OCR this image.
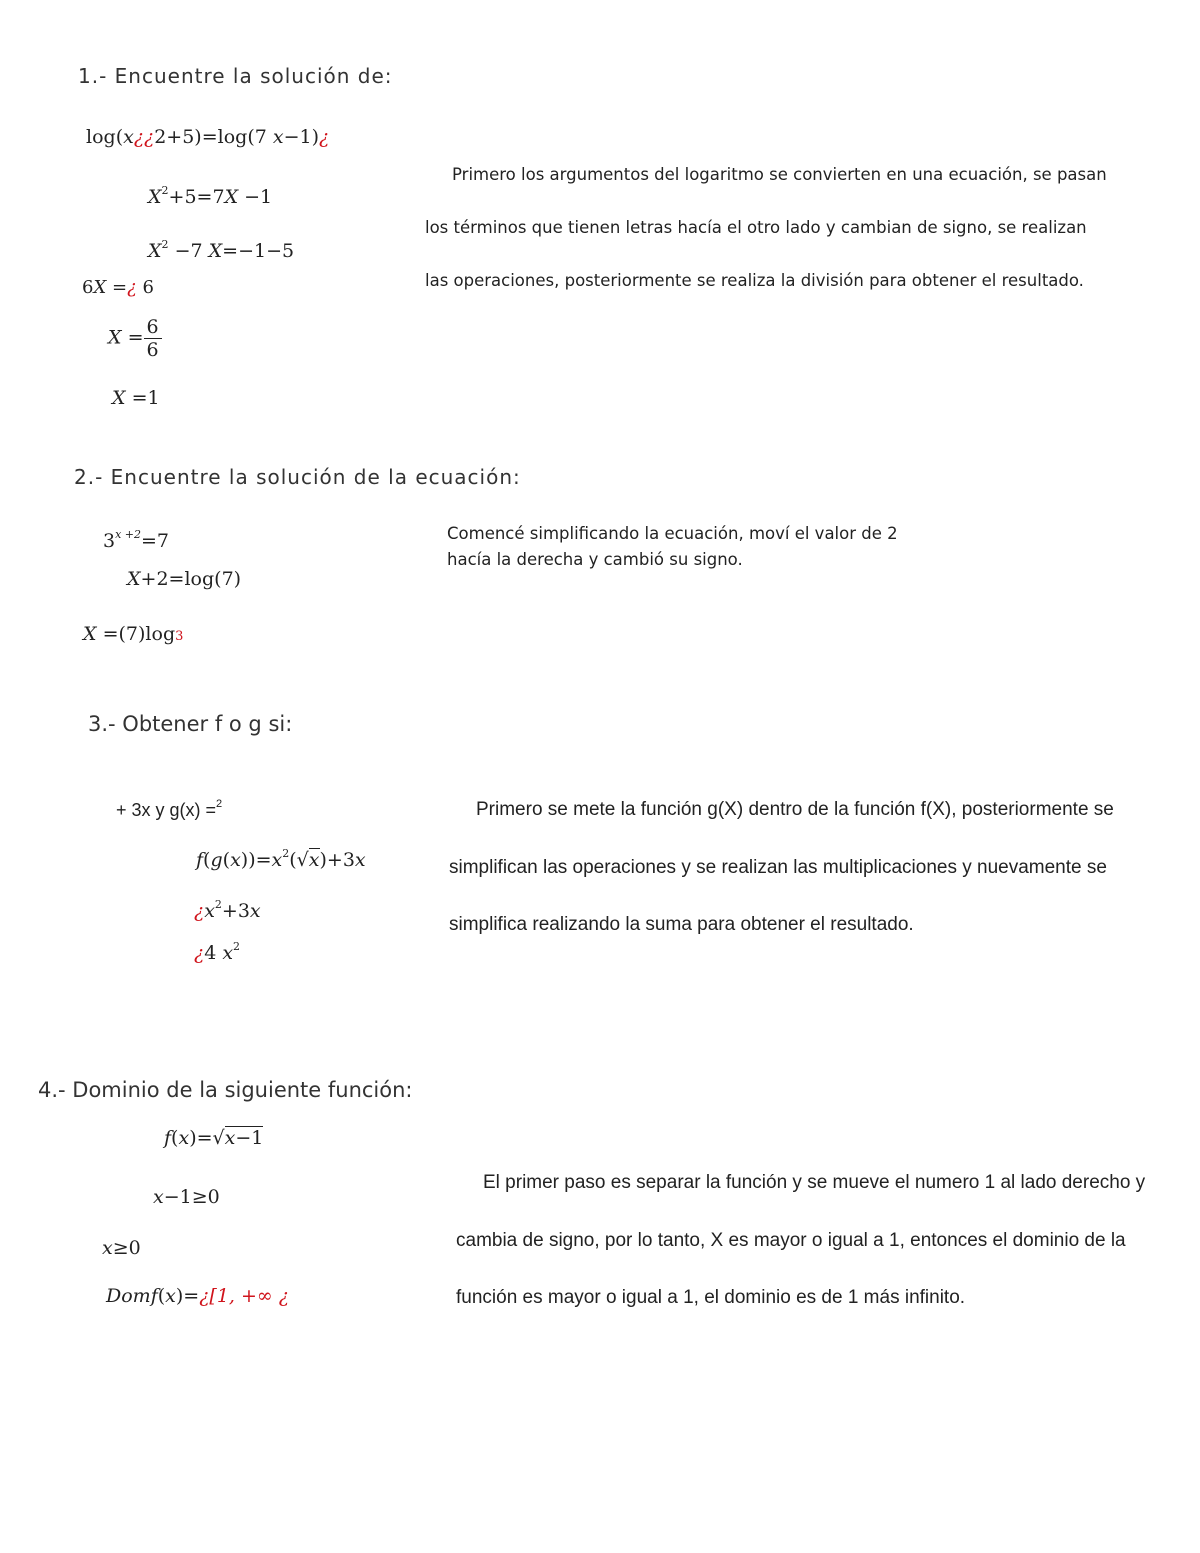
1.- Encuentre la solución de:
log(x¿¿2+5)=log(7 x−1)¿
$X^2+5=7X -1$
$X^2 -7$ X=−1−5
6X =¿ 6
$X = \frac{6}{6}$
X =1
Primero los argumentos del logaritmo se convierten en una ecuación, se pasan los términos que tienen letras hacía el otro lado y cambian de signo, se realizan las operaciones, posteriormente se realiza la división para obtener el resultado.
2.- Encuentre la solución de la ecuación:
$3^{x +2}=7$
X+2=log(7)
X =(7)log3
Comencé simplificando la ecuación, moví el valor de 2 hacía la derecha y cambió su signo.
3.- Obtener f o g si:
+ 3x y g(x) =$^2$
$f(g(x))=x^2(√x)+3x$
¿$x^2+3x$
¿4 $x^2$
Primero se mete la función g(X) dentro de la función f(X), posteriormente se simplifican las operaciones y se realizan las multiplicaciones y nuevamente se simplifica realizando la suma para obtener el resultado.
4.- Dominio de la siguiente función:
f(x)=√x−1
x−1≥0
x≥0
Domf(x)=¿[1, +∞ ¿
El primer paso es separar la función y se mueve el numero 1 al lado derecho y cambia de signo, por lo tanto, X es mayor o igual a 1, entonces el dominio de la función es mayor o igual a 1, el dominio es de 1 más infinito.
